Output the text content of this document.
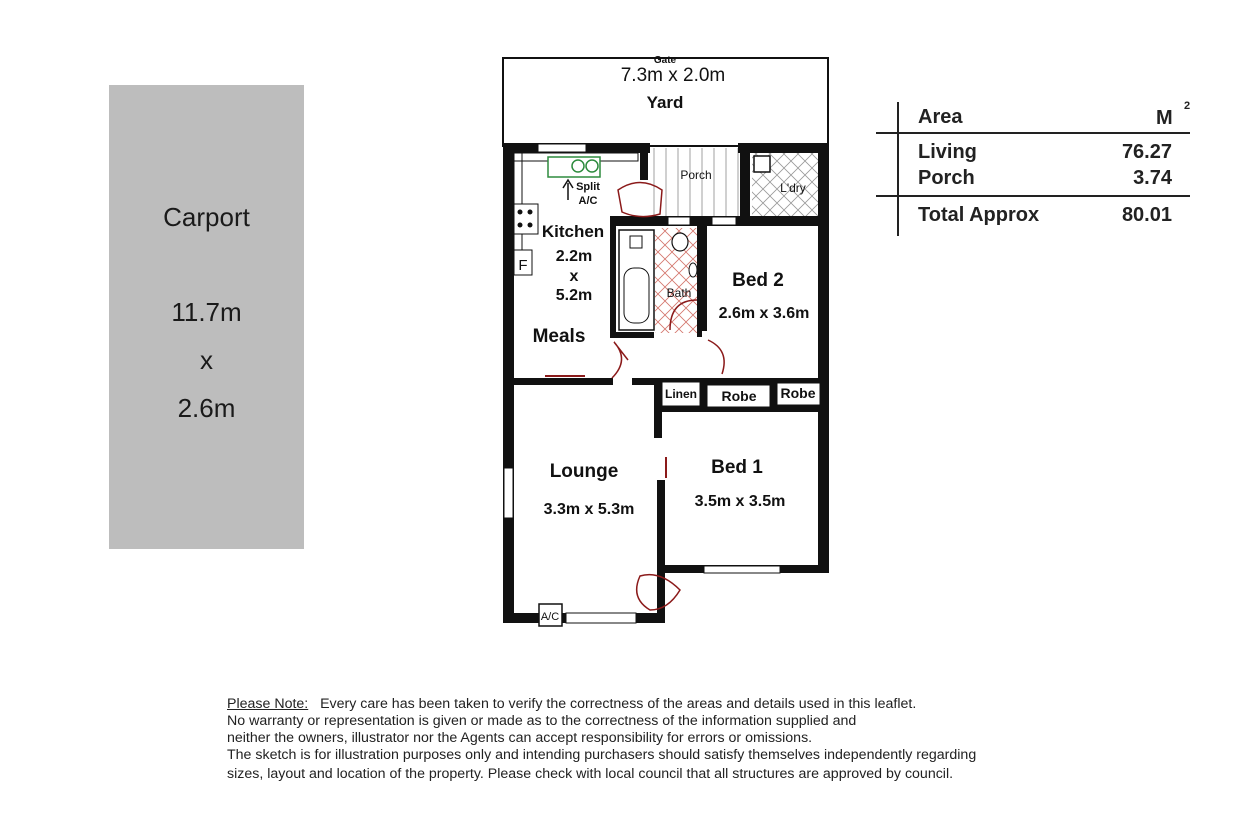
Carport
11.7m
x
2.6m
Gate
7.3m x 2.0m
Yard
F
Split
A/C
Porch
L'dry
Kitchen
2.2m
x
5.2m
Meals
Bath
Bed 2
2.6m x 3.6m
Linen Robe Robe
Lounge
3.3m x 5.3m
Bed 1
3.5m x 3.5m
A/C
Area	M
2
Living	76.27
Porch	3.74
Total Approx	80.01
Please Note: Every care has been taken to verify the correctness of the areas and details used in this leaflet.
No warranty or representation is given or made as to the correctness of the information supplied and
neither the owners, illustrator nor the Agents can accept responsibility for errors or omissions.
The sketch is for illustration purposes only and intending purchasers should satisfy themselves independently regarding
sizes, layout and location of the property. Please check with local council that all structures are approved by council.
